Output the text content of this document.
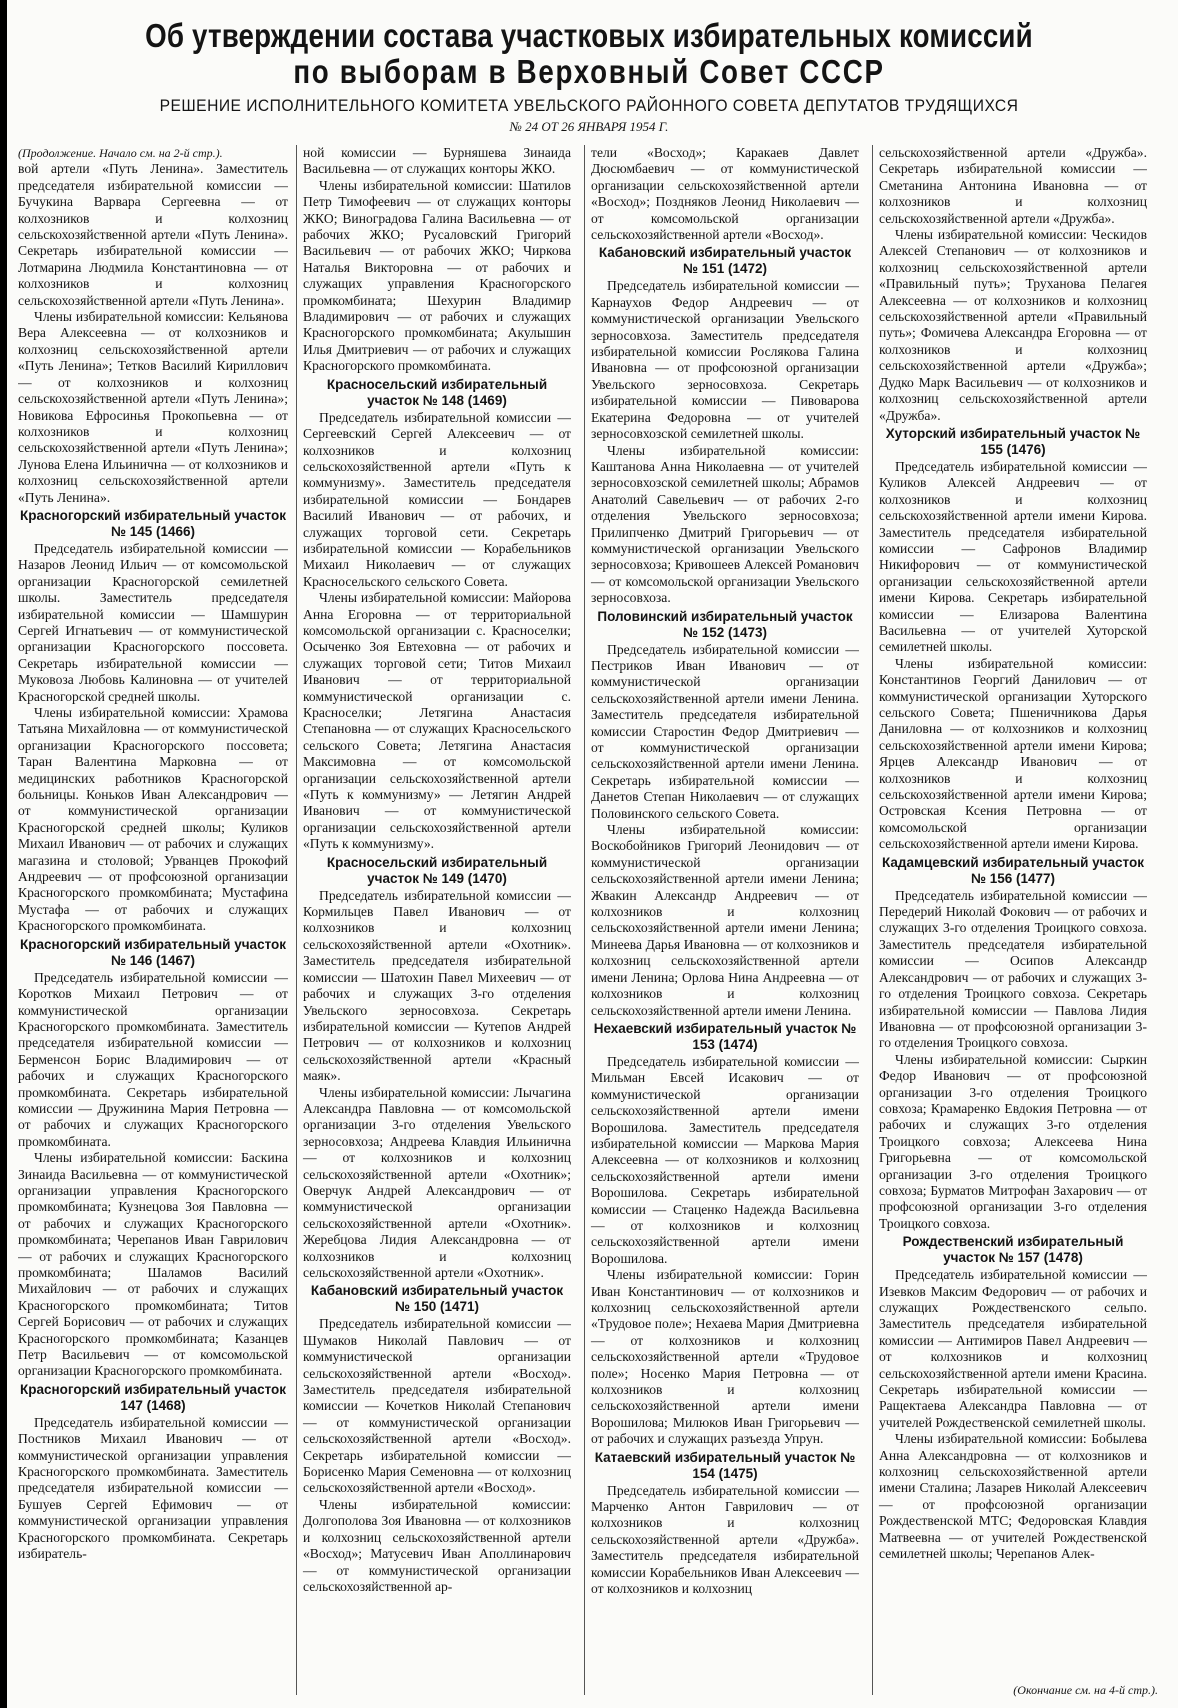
Об утверждении состава участковых избирательных комиссий
по выборам в Верховный Совет СССР
РЕШЕНИЕ ИСПОЛНИТЕЛЬНОГО КОМИТЕТА УВЕЛЬСКОГО РАЙОННОГО СОВЕТА ДЕПУТАТОВ ТРУДЯЩИХСЯ
№ 24 ОТ 26 ЯНВАРЯ 1954 Г.

(Продолжение. Начало см. на 2-й стр.).

вой артели «Путь Ленина». Заместитель председателя избирательной комиссии — Бучукина Варвара Сергеевна — от колхозников и колхозниц сельскохозяйственной артели «Путь Ленина». Секретарь избирательной комиссии — Лотмарина Людмила Константиновна — от колхозников и колхозниц сельскохозяйственной артели «Путь Ленина».

Члены избирательной комиссии: Кельянова Вера Алексеевна — от колхозников и колхозниц сельскохозяйственной артели «Путь Ленина»; Тетков Василий Кириллович — от колхозников и колхозниц сельскохозяйственной артели «Путь Ленина»; Новикова Ефросинья Прокопьевна — от колхозников и колхозниц сельскохозяйственной артели «Путь Ленина»; Лунова Елена Ильинична — от колхозников и колхозниц сельскохозяйственной артели «Путь Ленина».

Красногорский избирательный участок № 145 (1466)

Председатель избирательной комиссии — Назаров Леонид Ильич — от комсомольской организации Красногорской семилетней школы. Заместитель председателя избирательной комиссии — Шамшурин Сергей Игнатьевич — от коммунистической организации Красногорского поссовета. Секретарь избирательной комиссии — Муковоза Любовь Калиновна — от учителей Красногорской средней школы.

Члены избирательной комиссии: Храмова Татьяна Михайловна — от коммунистической организации Красногорского поссовета; Таран Валентина Марковна — от медицинских работников Красногорской больницы. Коньков Иван Александрович — от коммунистической организации Красногорской средней школы; Куликов Михаил Иванович — от рабочих и служащих магазина и столовой; Урванцев Прокофий Андреевич — от профсоюзной организации Красногорского промкомбината; Мустафина Мустафа — от рабочих и служащих Красногорского промкомбината.

Красногорский избирательный участок № 146 (1467)

Председатель избирательной комиссии — Коротков Михаил Петрович — от коммунистической организации Красногорского промкомбината. Заместитель председателя избирательной комиссии — Берменсон Борис Владимирович — от рабочих и служащих Красногорского промкомбината. Секретарь избирательной комиссии — Дружинина Мария Петровна — от рабочих и служащих Красногорского промкомбината.

Члены избирательной комиссии: Баскина Зинаида Васильевна — от коммунистической организации управления Красногорского промкомбината; Кузнецова Зоя Павловна — от рабочих и служащих Красногорского промкомбината; Черепанов Иван Гаврилович — от рабочих и служащих Красногорского промкомбината; Шаламов Василий Михайлович — от рабочих и служащих Красногорского промкомбината; Титов Сергей Борисович — от рабочих и служащих Красногорского промкомбината; Казанцев Петр Васильевич — от комсомольской организации Красногорского промкомбината.

Красногорский избирательный участок 147 (1468)

Председатель избирательной комиссии — Постников Михаил Иванович — от коммунистической организации управления Красногорского промкомбината. Заместитель председателя избирательной комиссии — Бушуев Сергей Ефимович — от коммунистической организации управления Красногорского промкомбината. Секретарь избиратель-

ной комиссии — Бурняшева Зинаида Васильевна — от служащих конторы ЖКО.

Члены избирательной комиссии: Шатилов Петр Тимофеевич — от служащих конторы ЖКО; Виноградова Галина Васильевна — от рабочих ЖКО; Русаловский Григорий Васильевич — от рабочих ЖКО; Чиркова Наталья Викторовна — от рабочих и служащих управления Красногорского промкомбината; Шехурин Владимир Владимирович — от рабочих и служащих Красногорского промкомбината; Акулышин Илья Дмитриевич — от рабочих и служащих Красногорского промкомбината.

Красносельский избирательный участок № 148 (1469)

Председатель избирательной комиссии — Сергеевский Сергей Алексеевич — от колхозников и колхозниц сельскохозяйственной артели «Путь к коммунизму». Заместитель председателя избирательной комиссии — Бондарев Василий Иванович — от рабочих, и служащих торговой сети. Секретарь избирательной комиссии — Корабельников Михаил Николаевич — от служащих Красносельского сельского Совета.

Члены избирательной комиссии: Майорова Анна Егоровна — от территориальной комсомольской организации с. Красноселки; Осыченко Зоя Евтеховна — от рабочих и служащих торговой сети; Титов Михаил Иванович — от территориальной коммунистической организации с. Красноселки; Летягина Анастасия Степановна — от служащих Красносельского сельского Совета; Летягина Анастасия Максимовна — от комсомольской организации сельскохозяйственной артели «Путь к коммунизму» — Летягин Андрей Иванович — от коммунистической организации сельскохозяйственной артели «Путь к коммунизму».

Красносельский избирательный участок № 149 (1470)

Председатель избирательной комиссии — Кормильцев Павел Иванович — от колхозников и колхозниц сельскохозяйственной артели «Охотник». Заместитель председателя избирательной комиссии — Шатохин Павел Михеевич — от рабочих и служащих 3-го отделения Увельского зерносовхоза. Секретарь избирательной комиссии — Кутепов Андрей Петрович — от колхозников и колхозниц сельскохозяйственной артели «Красный маяк».

Члены избирательной комиссии: Лычагина Александра Павловна — от комсомольской организации 3-го отделения Увельского зерносовхоза; Андреева Клавдия Ильинична — от колхозников и колхозниц сельскохозяйственной артели «Охотник»; Оверчук Андрей Александрович — от коммунистической организации сельскохозяйственной артели «Охотник». Жеребцова Лидия Александровна — от колхозников и колхозниц сельскохозяйственной артели «Охотник».

Кабановский избирательный участок № 150 (1471)

Председатель избирательной комиссии — Шумаков Николай Павлович — от коммунистической организации сельскохозяйственной артели «Восход». Заместитель председателя избирательной комиссии — Кочетков Николай Степанович — от коммунистической организации сельскохозяйственной артели «Восход». Секретарь избирательной комиссии — Борисенко Мария Семеновна — от колхозниц сельскохозяйственной артели «Восход».

Члены избирательной комиссии: Долгополова Зоя Ивановна — от колхозников и колхозниц сельскохозяйственной артели «Восход»; Матусевич Иван Аполлинарович — от коммунистической организации сельскохозяйственной ар-

тели «Восход»; Каракаев Давлет Дюсюмбаевич — от коммунистической организации сельскохозяйственной артели «Восход»; Поздняков Леонид Николаевич — от комсомольской организации сельскохозяйственной артели «Восход».

Кабановский избирательный участок № 151 (1472)

Председатель избирательной комиссии — Карнаухов Федор Андреевич — от коммунистической организации Увельского зерносовхоза. Заместитель председателя избирательной комиссии Рослякова Галина Ивановна — от профсоюзной организации Увельского зерносовхоза. Секретарь избирательной комиссии — Пивоварова Екатерина Федоровна — от учителей зерносовхозской семилетней школы.

Члены избирательной комиссии: Каштанова Анна Николаевна — от учителей зерносовхозской семилетней школы; Абрамов Анатолий Савельевич — от рабочих 2-го отделения Увельского зерносовхоза; Прилипченко Дмитрий Григорьевич — от коммунистической организации Увельского зерносовхоза; Кривошеев Алексей Романович — от комсомольской организации Увельского зерносовхоза.

Половинский избирательный участок № 152 (1473)

Председатель избирательной комиссии — Пестриков Иван Иванович — от коммунистической организации сельскохозяйственной артели имени Ленина. Заместитель председателя избирательной комиссии Старостин Федор Дмитриевич — от коммунистической организации сельскохозяйственной артели имени Ленина. Секретарь избирательной комиссии — Данетов Степан Николаевич — от служащих Половинского сельского Совета.

Члены избирательной комиссии: Воскобойников Григорий Леонидович — от коммунистической организации сельскохозяйственной артели имени Ленина; Жвакин Александр Андреевич — от колхозников и колхозниц сельскохозяйственной артели имени Ленина; Минеева Дарья Ивановна — от колхозников и колхозниц сельскохозяйственной артели имени Ленина; Орлова Нина Андреевна — от колхозников и колхозниц сельскохозяйственной артели имени Ленина.

Нехаевский избирательный участок № 153 (1474)

Председатель избирательной комиссии — Мильман Евсей Исакович — от коммунистической организации сельскохозяйственной артели имени Ворошилова. Заместитель председателя избирательной комиссии — Маркова Мария Алексеевна — от колхозников и колхозниц сельскохозяйственной артели имени Ворошилова. Секретарь избирательной комиссии — Стаценко Надежда Васильевна — от колхозников и колхозниц сельскохозяйственной артели имени Ворошилова.

Члены избирательной комиссии: Горин Иван Константинович — от колхозников и колхозниц сельскохозяйственной артели «Трудовое поле»; Нехаева Мария Дмитриевна — от колхозников и колхозниц сельскохозяйственной артели «Трудовое поле»; Носенко Мария Петровна — от колхозников и колхозниц сельскохозяйственной артели имени Ворошилова; Милюков Иван Григорьевич — от рабочих и служащих разъезда Упрун.

Катаевский избирательный участок № 154 (1475)

Председатель избирательной комиссии — Марченко Антон Гаврилович — от колхозников и колхозниц сельскохозяйственной артели «Дружба». Заместитель председателя избирательной комиссии Корабельников Иван Алексеевич — от колхозников и колхозниц

сельскохозяйственной артели «Дружба». Секретарь избирательной комиссии — Сметанина Антонина Ивановна — от колхозников и колхозниц сельскохозяйственной артели «Дружба».

Члены избирательной комиссии: Ческидов Алексей Степанович — от колхозников и колхозниц сельскохозяйственной артели «Правильный путь»; Труханова Пелагея Алексеевна — от колхозников и колхозниц сельскохозяйственной артели «Правильный путь»; Фомичева Александра Егоровна — от колхозников и колхозниц сельскохозяйственной артели «Дружба»; Дудко Марк Васильевич — от колхозников и колхозниц сельскохозяйственной артели «Дружба».

Хуторский избирательный участок № 155 (1476)

Председатель избирательной комиссии — Куликов Алексей Андреевич — от колхозников и колхозниц сельскохозяйственной артели имени Кирова. Заместитель председателя избирательной комиссии — Сафронов Владимир Никифорович — от коммунистической организации сельскохозяйственной артели имени Кирова. Секретарь избирательной комиссии — Елизарова Валентина Васильевна — от учителей Хуторской семилетней школы.

Члены избирательной комиссии: Константинов Георгий Данилович — от коммунистической организации Хуторского сельского Совета; Пшеничникова Дарья Даниловна — от колхозников и колхозниц сельскохозяйственной артели имени Кирова; Ярцев Александр Иванович — от колхозников и колхозниц сельскохозяйственной артели имени Кирова; Островская Ксения Петровна — от комсомольской организации сельскохозяйственной артели имени Кирова.

Кадамцевский избирательный участок № 156 (1477)

Председатель избирательной комиссии — Передерий Николай Фокович — от рабочих и служащих 3-го отделения Троицкого совхоза. Заместитель председателя избирательной комиссии — Осипов Александр Александрович — от рабочих и служащих 3-го отделения Троицкого совхоза. Секретарь избирательной комиссии — Павлова Лидия Ивановна — от профсоюзной организации 3-го отделения Троицкого совхоза.

Члены избирательной комиссии: Сыркин Федор Иванович — от профсоюзной организации 3-го отделения Троицкого совхоза; Крамаренко Евдокия Петровна — от рабочих и служащих 3-го отделения Троицкого совхоза; Алексеева Нина Григорьевна — от комсомольской организации 3-го отделения Троицкого совхоза; Бурматов Митрофан Захарович — от профсоюзной организации 3-го отделения Троицкого совхоза.

Рождественский избирательный участок № 157 (1478)

Председатель избирательной комиссии — Изевков Максим Федорович — от рабочих и служащих Рождественского сельпо. Заместитель председателя избирательной комиссии — Антимиров Павел Андреевич — от колхозников и колхозниц сельскохозяйственной артели имени Красина. Секретарь избирательной комиссии — Ращектаева Александра Павловна — от учителей Рождественской семилетней школы.

Члены избирательной комиссии: Бобылева Анна Александровна — от колхозников и колхозниц сельскохозяйственной артели имени Сталина; Лазарев Николай Алексеевич — от профсоюзной организации Рождественской МТС; Федоровская Клавдия Матвеевна — от учителей Рождественской семилетней школы; Черепанов Алек-

(Окончание см. на 4-й стр.).
